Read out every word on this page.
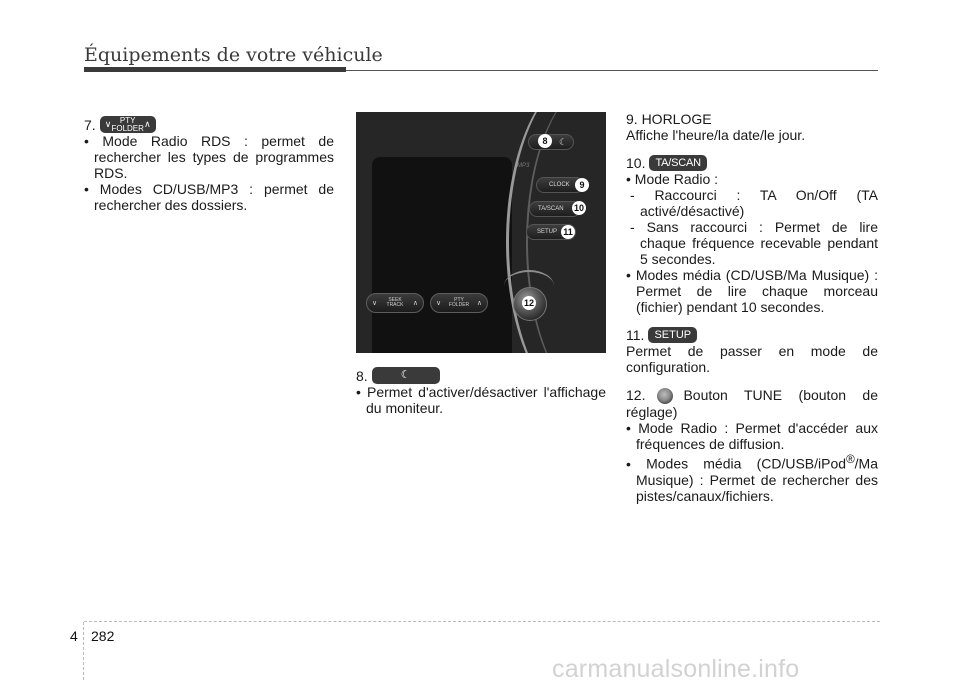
Équipements de votre véhicule
7. ∨	PTY
FOLDER ∧
• Mode Radio RDS : permet de rechercher les types de programmes RDS.
• Modes CD/USB/MP3 : permet de rechercher des dossiers.
MP3
☾
8
CLOCK	9
TA/SCAN 10
SETUP 11
∨	SEEK
TRACK ∧	∨	PTY
FOLDER ∧	12
8.	☾
• Permet d'activer/désactiver l'affichage du moniteur.
9. HORLOGE
Affiche l'heure/la date/le jour.
10. TA/SCAN
• Mode Radio :
- Raccourci : TA On/Off (TA activé/désactivé)
- Sans raccourci : Permet de lire chaque fréquence recevable pendant 5 secondes.
• Modes média (CD/USB/Ma Musique) : Permet de lire chaque morceau (fichier) pendant 10 secondes.
11. SETUP
Permet de passer en mode de configuration.
12.	Bouton TUNE (bouton de réglage)
• Mode Radio : Permet d'accéder aux fréquences de diffusion.
• Modes média (CD/USB/iPod®/Ma Musique) : Permet de rechercher des pistes/canaux/fichiers.
4 282
carmanualsonline.info
